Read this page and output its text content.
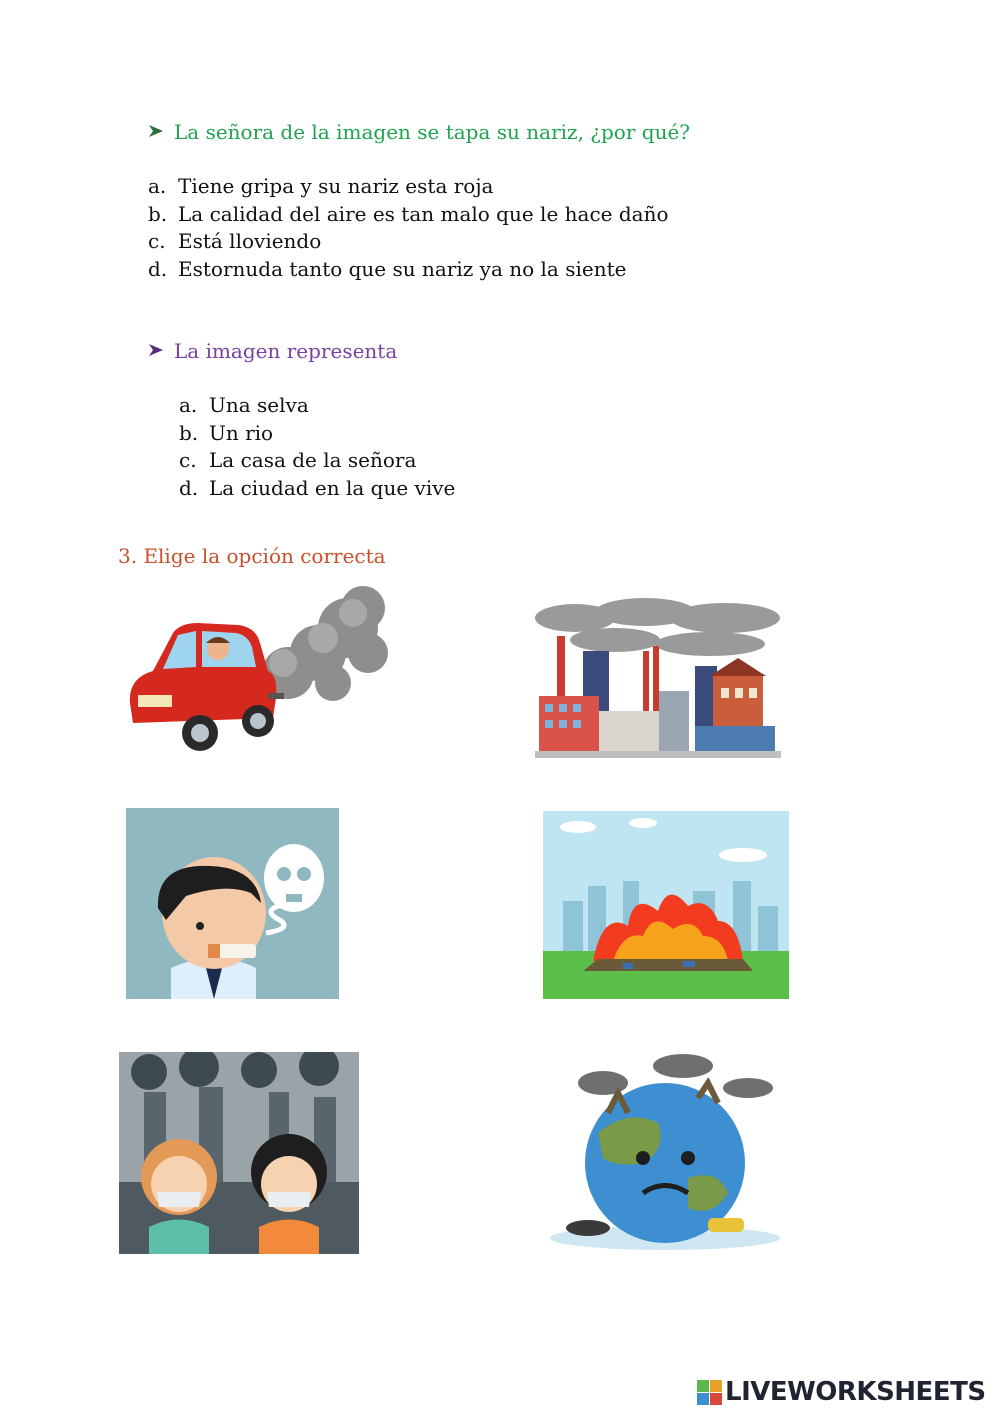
La señora de la imagen se tapa su nariz, ¿por qué?
a. Tiene gripa y su nariz esta roja
b. La calidad del aire es tan malo que le hace daño
c. Está lloviendo
d. Estornuda tanto que su nariz ya no la siente
La imagen representa
a. Una selva
b. Un rio
c. La casa de la señora
d. La ciudad en la que vive
3. Elige la opción correcta
LIVEWORKSHEETS
